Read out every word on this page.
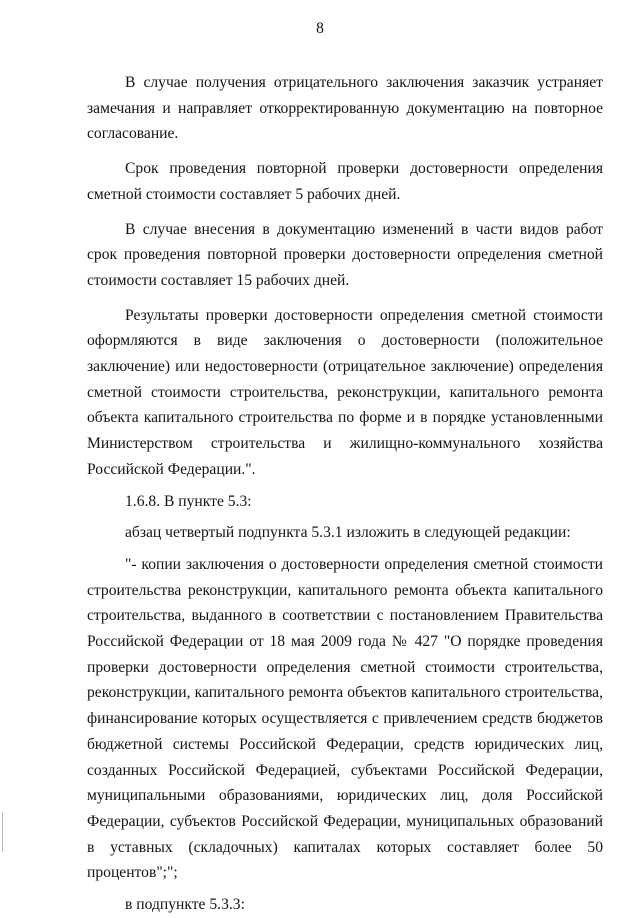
8

В случае получения отрицательного заключения заказчик устраняет замечания и направляет откорректированную документацию на повторное согласование.

Срок проведения повторной проверки достоверности определения сметной стоимости составляет 5 рабочих дней.

В случае внесения в документацию изменений в части видов работ срок проведения повторной проверки достоверности определения сметной стоимости составляет 15 рабочих дней.

Результаты проверки достоверности определения сметной стоимости оформляются в виде заключения о достоверности (положительное заключение) или недостоверности (отрицательное заключение) определения сметной стоимости строительства, реконструкции, капитального ремонта объекта капитального строительства по форме и в порядке установленными Министерством строительства и жилищно-коммунального хозяйства Российской Федерации.".

1.6.8. В пункте 5.3:

абзац четвертый подпункта 5.3.1 изложить в следующей редакции:

"- копии заключения о достоверности определения сметной стоимости строительства реконструкции, капитального ремонта объекта капитального строительства, выданного в соответствии с постановлением Правительства Российской Федерации от 18 мая 2009 года № 427 "О порядке проведения проверки достоверности определения сметной стоимости строительства, реконструкции, капитального ремонта объектов капитального строительства, финансирование которых осуществляется с привлечением средств бюджетов бюджетной системы Российской Федерации, средств юридических лиц, созданных Российской Федерацией, субъектами Российской Федерации, муниципальными образованиями, юридических лиц, доля Российской Федерации, субъектов Российской Федерации, муниципальных образований в уставных (складочных) капиталах которых составляет более 50 процентов";";

в подпункте 5.3.3:
